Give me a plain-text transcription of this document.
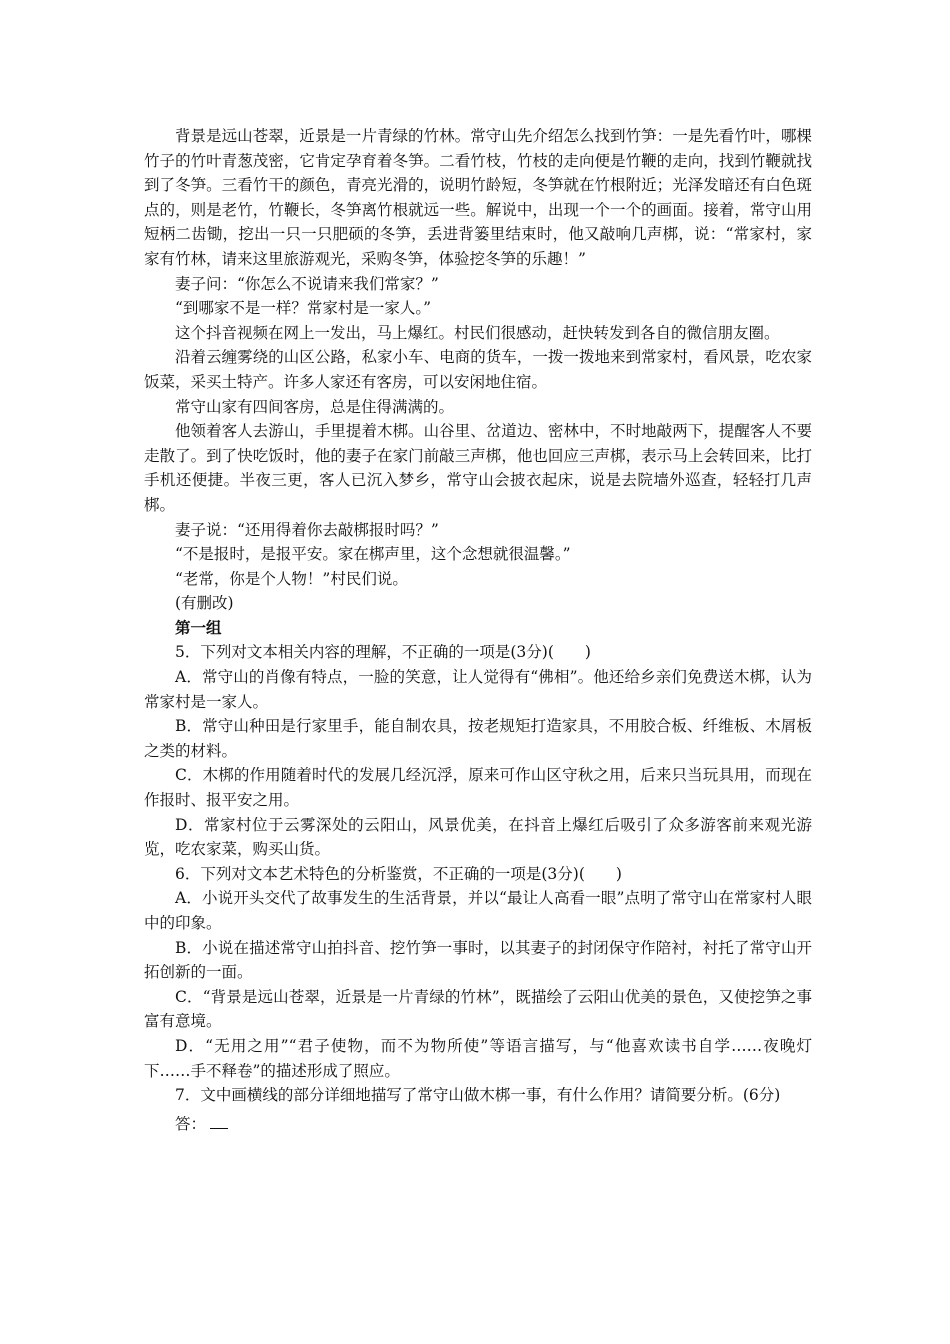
背景是远山苍翠，近景是一片青绿的竹林。常守山先介绍怎么找到竹笋：一是先看竹叶，哪棵竹子的竹叶青葱茂密，它肯定孕育着冬笋。二看竹枝，竹枝的走向便是竹鞭的走向，找到竹鞭就找到了冬笋。三看竹干的颜色，青亮光滑的，说明竹龄短，冬笋就在竹根附近；光泽发暗还有白色斑点的，则是老竹，竹鞭长，冬笋离竹根就远一些。解说中，出现一个一个的画面。接着，常守山用短柄二齿锄，挖出一只一只肥硕的冬笋，丢进背篓里结束时，他又敲响几声梆，说：“常家村，家家有竹林，请来这里旅游观光，采购冬笋，体验挖冬笋的乐趣！”

妻子问：“你怎么不说请来我们常家？”

“到哪家不是一样？常家村是一家人。”

这个抖音视频在网上一发出，马上爆红。村民们很感动，赶快转发到各自的微信朋友圈。

沿着云缠雾绕的山区公路，私家小车、电商的货车，一拨一拨地来到常家村，看风景，吃农家饭菜，采买土特产。许多人家还有客房，可以安闲地住宿。

常守山家有四间客房，总是住得满满的。

他领着客人去游山，手里提着木梆。山谷里、岔道边、密林中，不时地敲两下，提醒客人不要走散了。到了快吃饭时，他的妻子在家门前敲三声梆，他也回应三声梆，表示马上会转回来，比打手机还便捷。半夜三更，客人已沉入梦乡，常守山会披衣起床，说是去院墙外巡查，轻轻打几声梆。

妻子说：“还用得着你去敲梆报时吗？”

“不是报时，是报平安。家在梆声里，这个念想就很温馨。”

“老常，你是个人物！”村民们说。

(有删改)

第一组

5．下列对文本相关内容的理解，不正确的一项是(3分)(　　)

A．常守山的肖像有特点，一脸的笑意，让人觉得有“佛相”。他还给乡亲们免费送木梆，认为常家村是一家人。

B．常守山种田是行家里手，能自制农具，按老规矩打造家具，不用胶合板、纤维板、木屑板之类的材料。

C．木梆的作用随着时代的发展几经沉浮，原来可作山区守秋之用，后来只当玩具用，而现在作报时、报平安之用。

D．常家村位于云雾深处的云阳山，风景优美，在抖音上爆红后吸引了众多游客前来观光游览，吃农家菜，购买山货。

6．下列对文本艺术特色的分析鉴赏，不正确的一项是(3分)(　　)

A．小说开头交代了故事发生的生活背景，并以“最让人高看一眼”点明了常守山在常家村人眼中的印象。

B．小说在描述常守山拍抖音、挖竹笋一事时，以其妻子的封闭保守作陪衬，衬托了常守山开拓创新的一面。

C．“背景是远山苍翠，近景是一片青绿的竹林”，既描绘了云阳山优美的景色，又使挖笋之事富有意境。

D．“无用之用”“君子使物，而不为物所使”等语言描写，与“他喜欢读书自学……夜晚灯下……手不释卷”的描述形成了照应。

7．文中画横线的部分详细地描写了常守山做木梆一事，有什么作用？请简要分析。(6分)

答：
